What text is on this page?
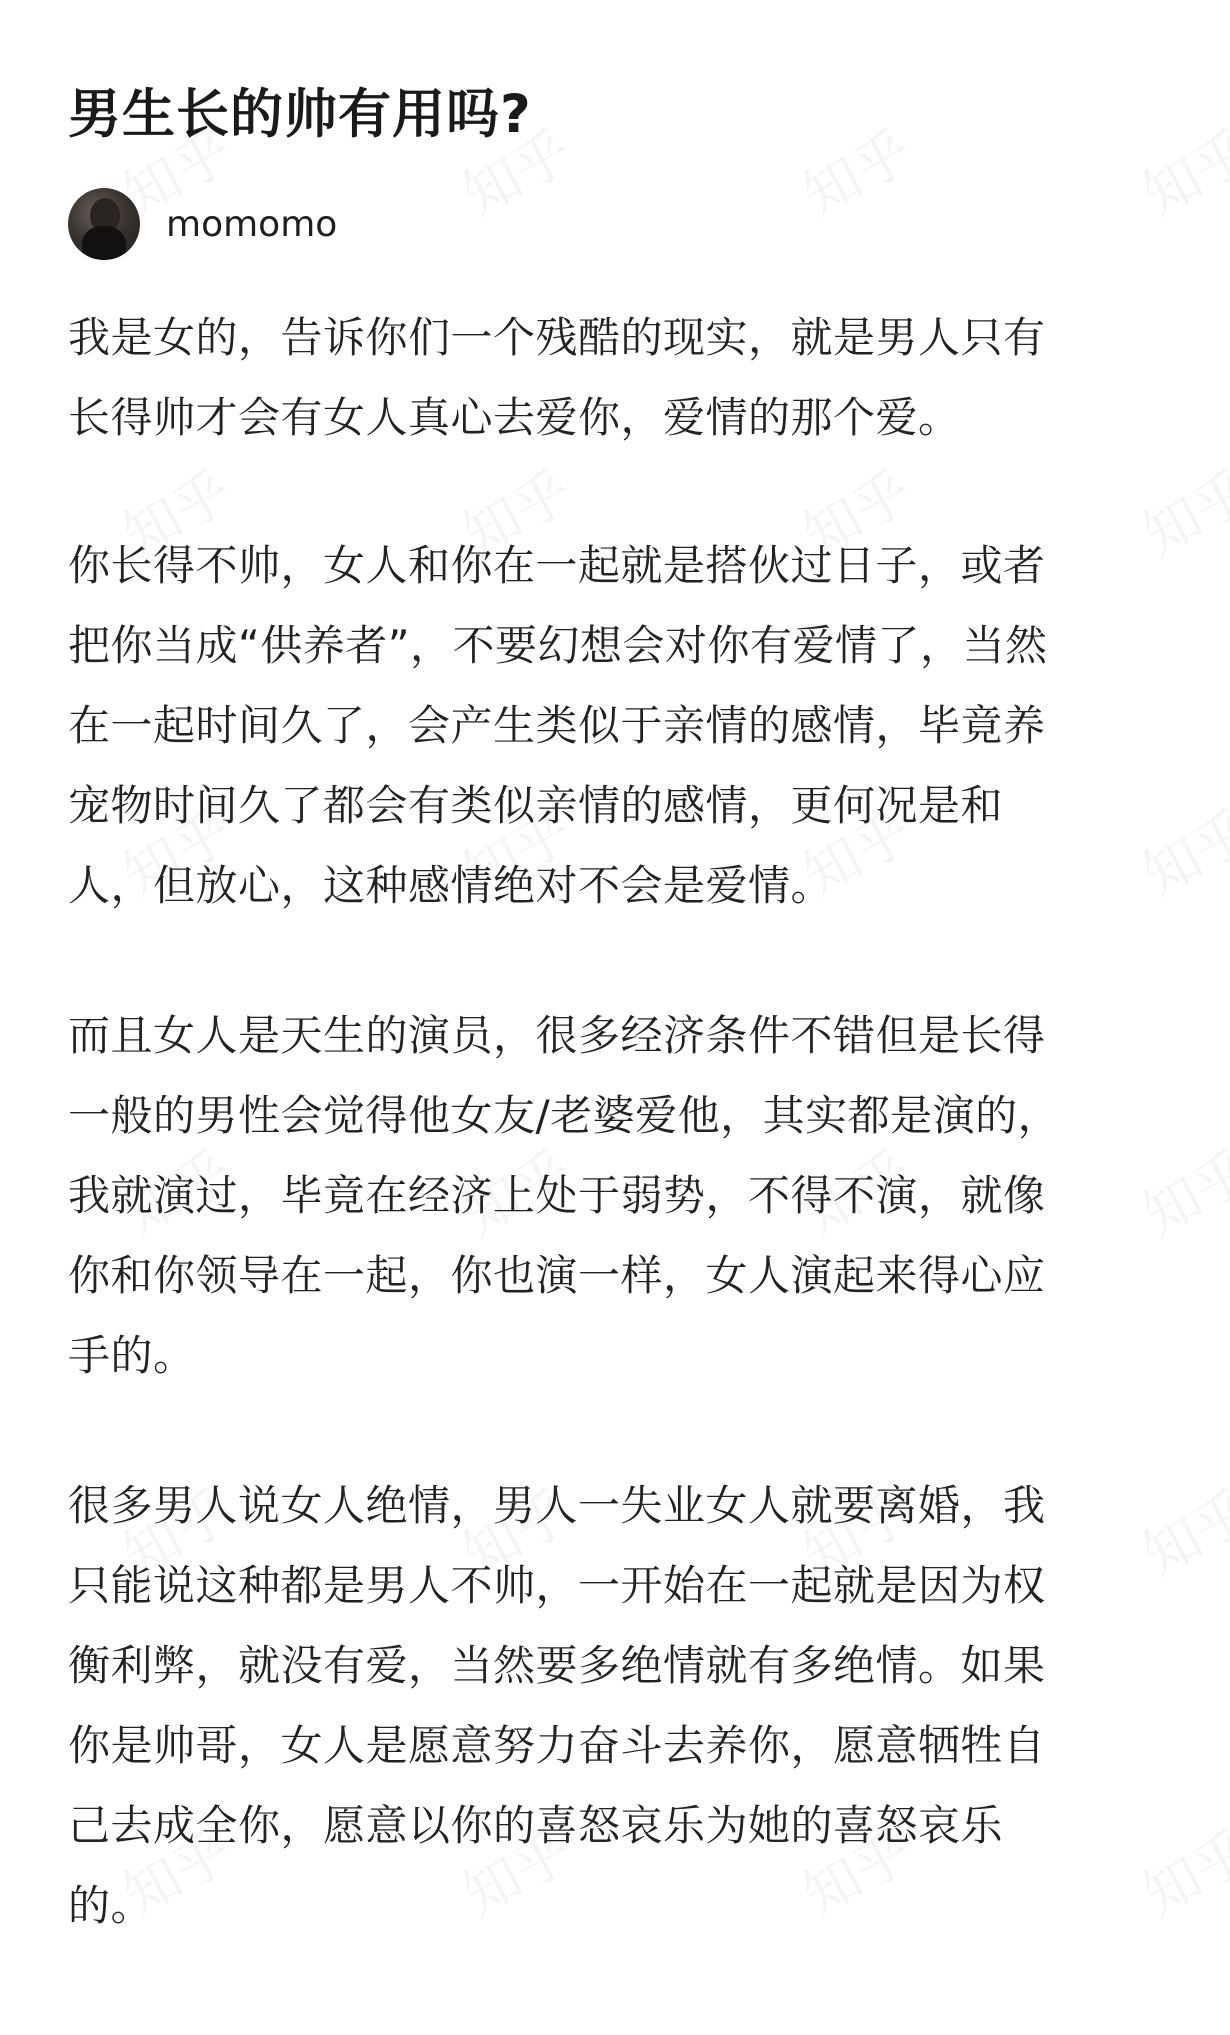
男生长的帅有用吗?
momomo
我是女的，告诉你们一个残酷的现实，就是男人只有
长得帅才会有女人真心去爱你，爱情的那个爱。
你长得不帅，女人和你在一起就是搭伙过日子，或者
把你当成“供养者”，不要幻想会对你有爱情了，当然
在一起时间久了，会产生类似于亲情的感情，毕竟养
宠物时间久了都会有类似亲情的感情，更何况是和
人，但放心，这种感情绝对不会是爱情。
而且女人是天生的演员，很多经济条件不错但是长得
一般的男性会觉得他女友/老婆爱他，其实都是演的，
我就演过，毕竟在经济上处于弱势，不得不演，就像
你和你领导在一起，你也演一样，女人演起来得心应
手的。
很多男人说女人绝情，男人一失业女人就要离婚，我
只能说这种都是男人不帅，一开始在一起就是因为权
衡利弊，就没有爱，当然要多绝情就有多绝情。如果
你是帅哥，女人是愿意努力奋斗去养你，愿意牺牲自
己去成全你，愿意以你的喜怒哀乐为她的喜怒哀乐
的。
